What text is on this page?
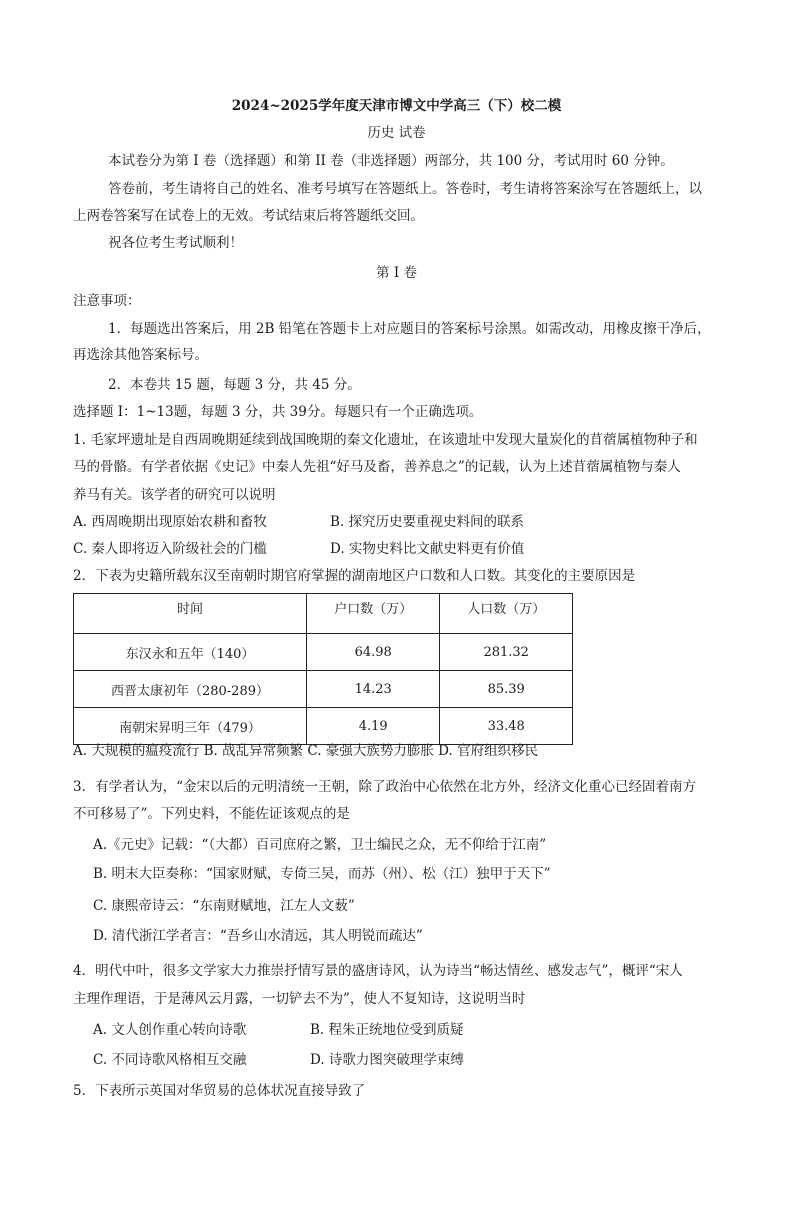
2024~2025学年度天津市博文中学高三（下）校二模
历史 试卷
本试卷分为第 I 卷（选择题）和第 II 卷（非选择题）两部分，共 100 分，考试用时 60 分钟。
答卷前，考生请将自己的姓名、准考号填写在答题纸上。答卷时，考生请将答案涂写在答题纸上，以
上两卷答案写在试卷上的无效。考试结束后将答题纸交回。
祝各位考生考试顺利！
第 I 卷
注意事项：
1．每题选出答案后，用 2B 铅笔在答题卡上对应题目的答案标号涂黑。如需改动，用橡皮擦干净后，
再选涂其他答案标号。
2．本卷共 15 题，每题 3 分，共 45 分。
选择题 I：1~13题，每题 3 分，共 39分。每题只有一个正确选项。
1. 毛家坪遗址是自西周晚期延续到战国晚期的秦文化遗址，在该遗址中发现大量炭化的苜蓿属植物种子和
马的骨骼。有学者依据《史记》中秦人先祖“好马及畜，善养息之”的记载，认为上述苜蓿属植物与秦人
养马有关。该学者的研究可以说明
A. 西周晚期出现原始农耕和畜牧	B. 探究历史要重视史料间的联系
C. 秦人即将迈入阶级社会的门槛	D. 实物史料比文献史料更有价值
2．下表为史籍所载东汉至南朝时期官府掌握的湖南地区户口数和人口数。其变化的主要原因是
时间	户口数（万）	人口数（万）
东汉永和五年（140）	64.98	281.32
西晋太康初年（280-289）	14.23	85.39
南朝宋昇明三年（479）	4.19	33.48
A. 大规模的瘟疫流行 B. 战乱异常频繁 C. 豪强大族势力膨胀 D. 官府组织移民
3．有学者认为，“金宋以后的元明清统一王朝，除了政治中心依然在北方外，经济文化重心已经固着南方
不可移易了”。下列史料，不能佐证该观点的是
A.《元史》记载：“（大都）百司庶府之繁，卫士编民之众，无不仰给于江南”
B. 明末大臣奏称：“国家财赋，专倚三吴，而苏（州）、松（江）独甲于天下”
C. 康熙帝诗云：“东南财赋地，江左人文薮”
D. 清代浙江学者言：“吾乡山水清远，其人明锐而疏达”
4．明代中叶，很多文学家大力推崇抒情写景的盛唐诗风，认为诗当“畅达情丝、感发志气”，概评“宋人
主理作理语，于是薄风云月露，一切铲去不为”，使人不复知诗，这说明当时
A. 文人创作重心转向诗歌	B. 程朱正统地位受到质疑
C. 不同诗歌风格相互交融	D. 诗歌力图突破理学束缚
5．下表所示英国对华贸易的总体状况直接导致了
